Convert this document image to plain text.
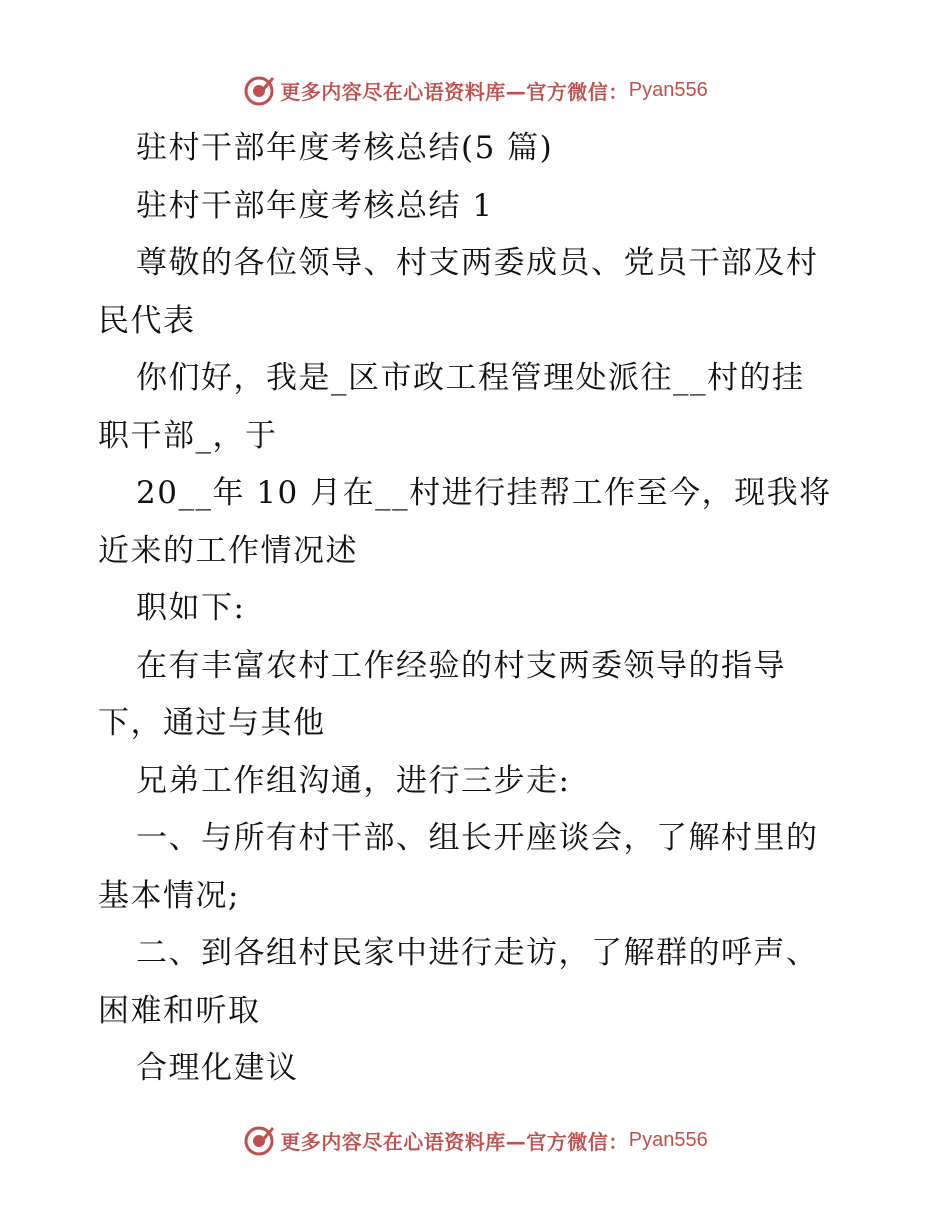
更多内容尽在心语资料库—官方微信： Pyan556
驻村干部年度考核总结(5 篇)
驻村干部年度考核总结 1
尊敬的各位领导、村支两委成员、党员干部及村
民代表
你们好，我是_区市政工程管理处派往__村的挂
职干部_，于
20__年 10 月在__村进行挂帮工作至今，现我将
近来的工作情况述
职如下:
在有丰富农村工作经验的村支两委领导的指导
下，通过与其他
兄弟工作组沟通，进行三步走:
一、与所有村干部、组长开座谈会，了解村里的
基本情况;
二、到各组村民家中进行走访，了解群的呼声、
困难和听取
合理化建议
更多内容尽在心语资料库—官方微信： Pyan556
